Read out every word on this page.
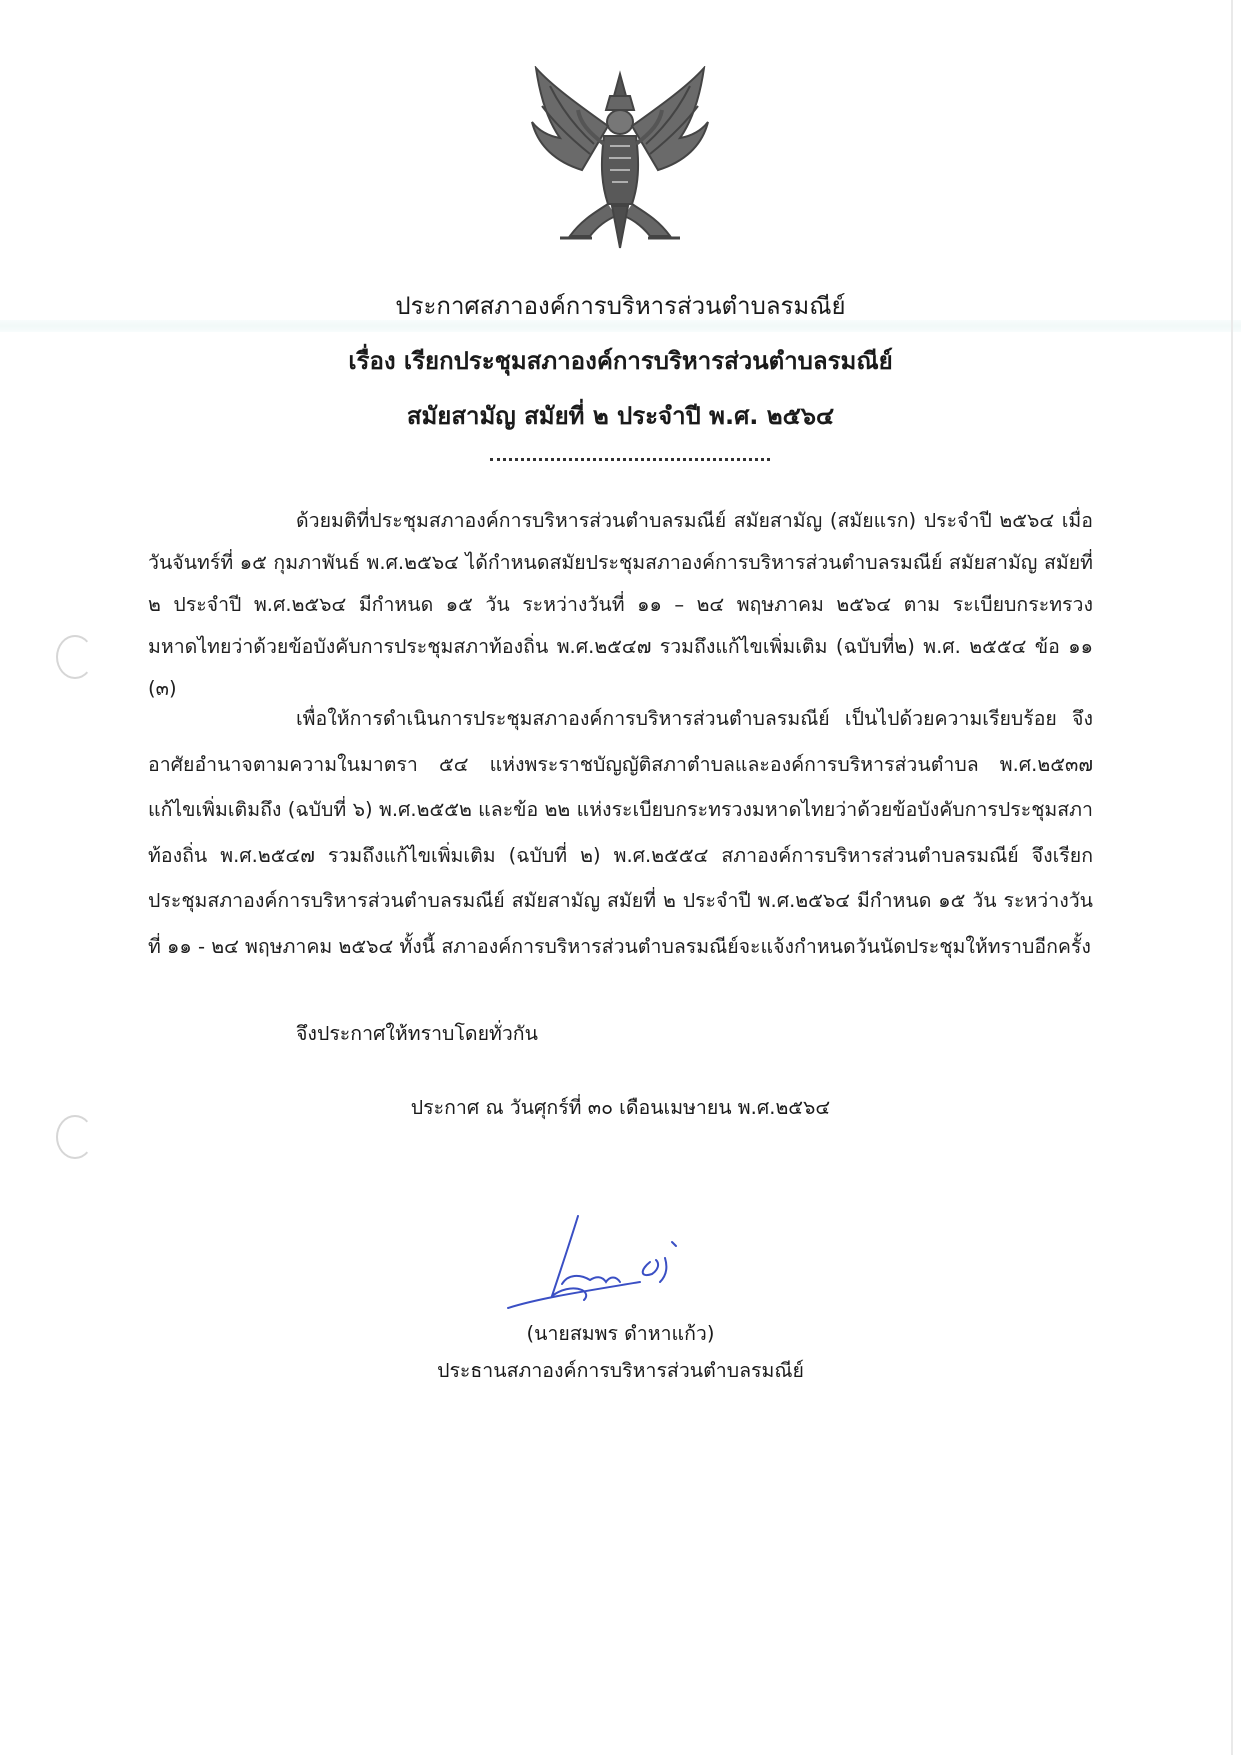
ประกาศสภาองค์การบริหารส่วนตำบลรมณีย์
เรื่อง เรียกประชุมสภาองค์การบริหารส่วนตำบลรมณีย์
สมัยสามัญ สมัยที่ ๒ ประจำปี พ.ศ. ๒๕๖๔
ด้วยมติที่ประชุมสภาองค์การบริหารส่วนตำบลรมณีย์ สมัยสามัญ (สมัยแรก) ประจำปี ๒๕๖๔ เมื่อวันจันทร์ที่ ๑๕ กุมภาพันธ์ พ.ศ.๒๕๖๔ ได้กำหนดสมัยประชุมสภาองค์การบริหารส่วนตำบลรมณีย์ สมัยสามัญ สมัยที่ ๒ ประจำปี พ.ศ.๒๕๖๔ มีกำหนด ๑๕ วัน ระหว่างวันที่ ๑๑ – ๒๔ พฤษภาคม ๒๕๖๔ ตาม ระเบียบกระทรวงมหาดไทยว่าด้วยข้อบังคับการประชุมสภาท้องถิ่น พ.ศ.๒๕๔๗ รวมถึงแก้ไขเพิ่มเติม (ฉบับที่๒) พ.ศ. ๒๕๕๔ ข้อ ๑๑ (๓)
เพื่อให้การดำเนินการประชุมสภาองค์การบริหารส่วนตำบลรมณีย์ เป็นไปด้วยความเรียบร้อย จึงอาศัยอำนาจตามความในมาตรา ๕๔ แห่งพระราชบัญญัติสภาตำบลและองค์การบริหารส่วนตำบล พ.ศ.๒๕๓๗ แก้ไขเพิ่มเติมถึง (ฉบับที่ ๖) พ.ศ.๒๕๕๒ และข้อ ๒๒ แห่งระเบียบกระทรวงมหาดไทยว่าด้วยข้อบังคับการประชุมสภาท้องถิ่น พ.ศ.๒๕๔๗ รวมถึงแก้ไขเพิ่มเติม (ฉบับที่ ๒) พ.ศ.๒๕๕๔ สภาองค์การบริหารส่วนตำบลรมณีย์ จึงเรียกประชุมสภาองค์การบริหารส่วนตำบลรมณีย์ สมัยสามัญ สมัยที่ ๒ ประจำปี พ.ศ.๒๕๖๔ มีกำหนด ๑๕ วัน ระหว่างวันที่ ๑๑ - ๒๔ พฤษภาคม ๒๕๖๔ ทั้งนี้ สภาองค์การบริหารส่วนตำบลรมณีย์จะแจ้งกำหนดวันนัดประชุมให้ทราบอีกครั้ง
จึงประกาศให้ทราบโดยทั่วกัน
ประกาศ ณ วันศุกร์ที่ ๓๐ เดือนเมษายน พ.ศ.๒๕๖๔
(นายสมพร ดำหาแก้ว)
ประธานสภาองค์การบริหารส่วนตำบลรมณีย์
